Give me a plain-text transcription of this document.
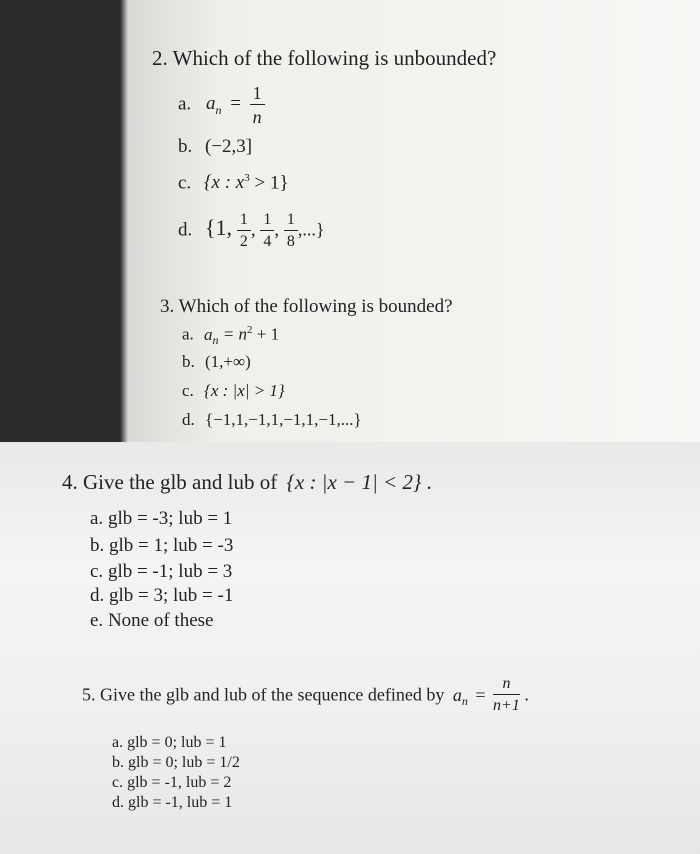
2. Which of the following is unbounded?
a. $a_n = \frac{1}{n}$
b. (−2,3]
c. {x : $x^3 > 1$}
d. {1, $\frac{1}{2}$ , $\frac{1}{4}$ , $\frac{1}{8}$ ,...}
3. Which of the following is bounded?
a. $a_n = n^2 + 1$
b. (1,+∞)
c. {x : |x| > 1}
d. {−1,1,−1,1,−1,1,−1,...}
4. Give the glb and lub of {x : |x − 1| < 2} .
a. glb = -3; lub = 1
b. glb = 1; lub = -3
c. glb = -1; lub = 3
d. glb = 3; lub = -1
e. None of these
5. Give the glb and lub of the sequence defined by $a_n = \frac{n}{n+1}$ .
a. glb = 0; lub = 1
b. glb = 0; lub = 1/2
c. glb = -1, lub = 2
d. glb = -1, lub = 1
